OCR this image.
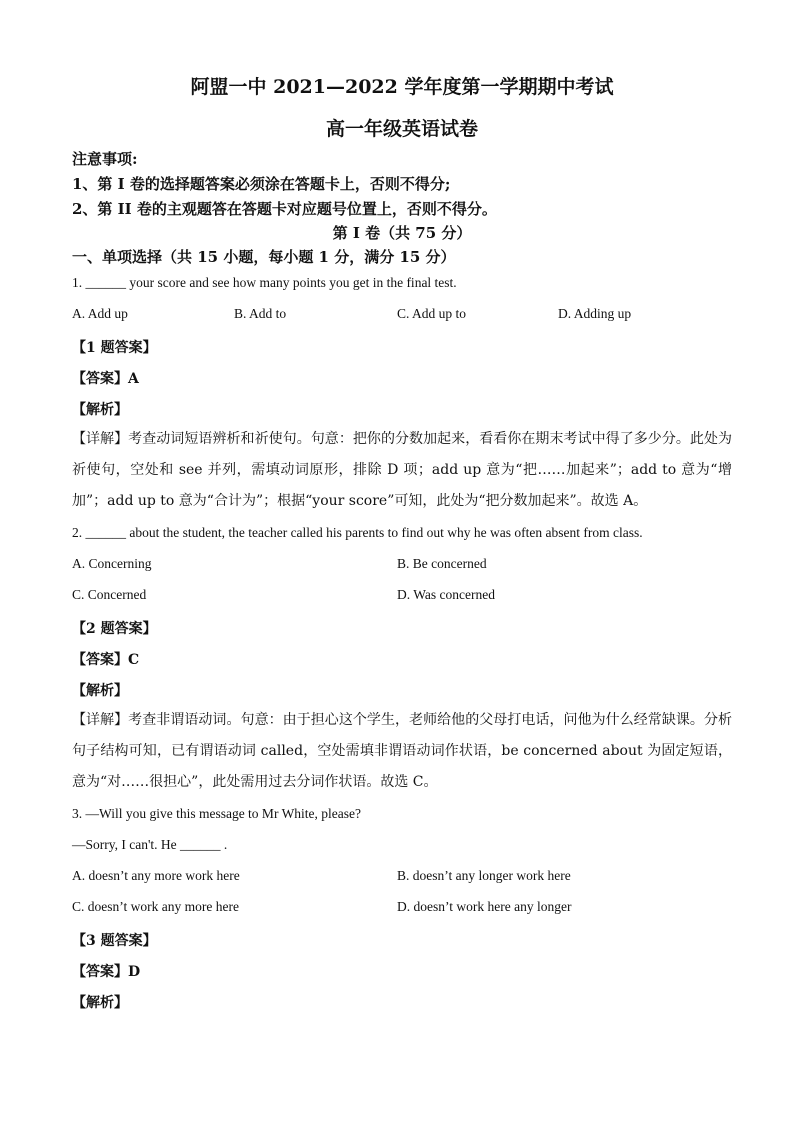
阿盟一中 2021—2022 学年度第一学期期中考试
高一年级英语试卷
注意事项:
1、第 I 卷的选择题答案必须涂在答题卡上，否则不得分;
2、第 II 卷的主观题答在答题卡对应题号位置上，否则不得分。
第 I 卷（共 75 分）
一、单项选择（共 15 小题，每小题 1 分，满分 15 分）
1. ______ your score and see how many points you get in the final test.
A. Add up	B. Add to	C. Add up to	D. Adding up
【1 题答案】
【答案】A
【解析】
【详解】考查动词短语辨析和祈使句。句意：把你的分数加起来，看看你在期末考试中得了多少分。此处为祈使句，空处和 see 并列，需填动词原形，排除 D 项；add up 意为“把……加起来”；add to 意为“增加”；add up to 意为“合计为”；根据“your score”可知，此处为“把分数加起来”。故选 A。
2. ______ about the student, the teacher called his parents to find out why he was often absent from class.
A. Concerning	B. Be concerned
C. Concerned	D. Was concerned
【2 题答案】
【答案】C
【解析】
【详解】考查非谓语动词。句意：由于担心这个学生，老师给他的父母打电话，问他为什么经常缺课。分析句子结构可知，已有谓语动词 called，空处需填非谓语动词作状语，be concerned about 为固定短语，意为“对……很担心”，此处需用过去分词作状语。故选 C。
3. —Will you give this message to Mr White, please?
—Sorry, I can't. He ______ .
A. doesn’t any more work here	B. doesn’t any longer work here
C. doesn’t work any more here	D. doesn’t work here any longer
【3 题答案】
【答案】D
【解析】
